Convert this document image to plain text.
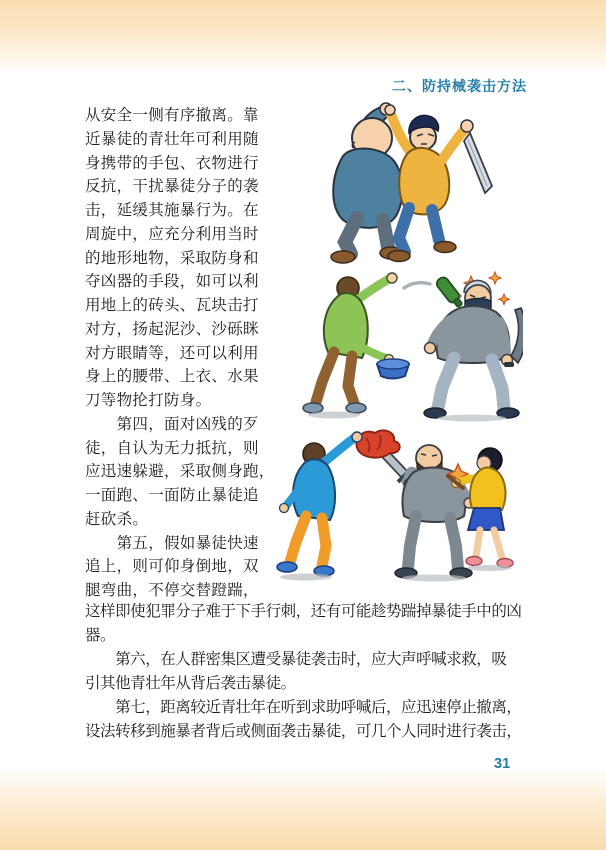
二、防持械袭击方法
从安全一侧有序撤离。靠
近暴徒的青壮年可利用随
身携带的手包、衣物进行
反抗，干扰暴徒分子的袭
击，延缓其施暴行为。在
周旋中，应充分利用当时
的地形地物，采取防身和
夺凶器的手段，如可以利
用地上的砖头、瓦块击打
对方，扬起泥沙、沙砾眯
对方眼睛等，还可以利用
身上的腰带、上衣、水果
刀等物抡打防身。
　　第四，面对凶残的歹
徒，自认为无力抵抗，则
应迅速躲避，采取侧身跑，
一面跑、一面防止暴徒追
赶砍杀。
　　第五，假如暴徒快速
追上，则可仰身倒地，双
腿弯曲，不停交替蹬踹，
这样即使犯罪分子难于下手行刺，还有可能趁势踹掉暴徒手中的凶
器。
　　第六，在人群密集区遭受暴徒袭击时，应大声呼喊求救，吸
引其他青壮年从背后袭击暴徒。
　　第七，距离较近青壮年在听到求助呼喊后，应迅速停止撤离，
设法转移到施暴者背后或侧面袭击暴徒，可几个人同时进行袭击，
31
